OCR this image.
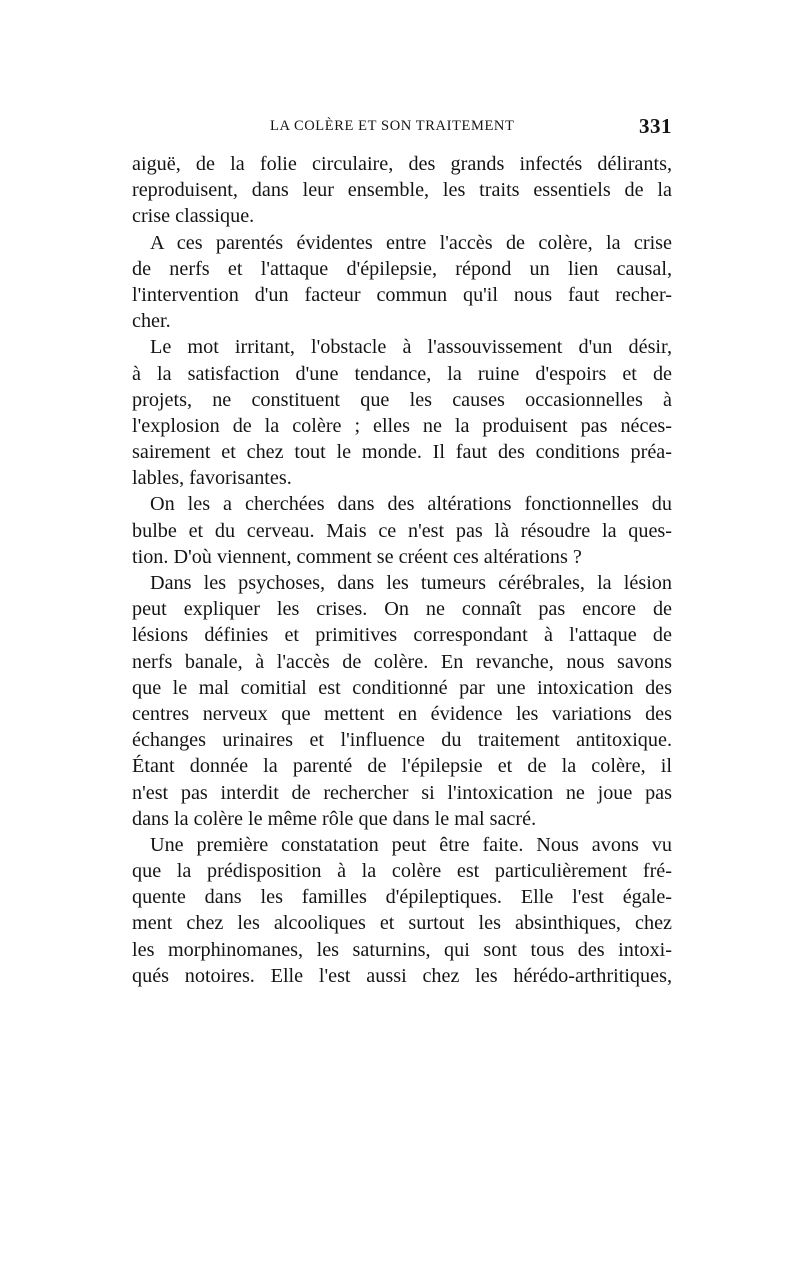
LA COLÈRE ET SON TRAITEMENT	331
aiguë, de la folie circulaire, des grands infectés délirants,
reproduisent, dans leur ensemble, les traits essentiels de la
crise classique.
A ces parentés évidentes entre l'accès de colère, la crise
de nerfs et l'attaque d'épilepsie, répond un lien causal,
l'intervention d'un facteur commun qu'il nous faut recher-
cher.
Le mot irritant, l'obstacle à l'assouvissement d'un désir,
à la satisfaction d'une tendance, la ruine d'espoirs et de
projets, ne constituent que les causes occasionnelles à
l'explosion de la colère ; elles ne la produisent pas néces-
sairement et chez tout le monde. Il faut des conditions préa-
lables, favorisantes.
On les a cherchées dans des altérations fonctionnelles du
bulbe et du cerveau. Mais ce n'est pas là résoudre la ques-
tion. D'où viennent, comment se créent ces altérations ?
Dans les psychoses, dans les tumeurs cérébrales, la lésion
peut expliquer les crises. On ne connaît pas encore de
lésions définies et primitives correspondant à l'attaque de
nerfs banale, à l'accès de colère. En revanche, nous savons
que le mal comitial est conditionné par une intoxication des
centres nerveux que mettent en évidence les variations des
échanges urinaires et l'influence du traitement antitoxique.
Étant donnée la parenté de l'épilepsie et de la colère, il
n'est pas interdit de rechercher si l'intoxication ne joue pas
dans la colère le même rôle que dans le mal sacré.
Une première constatation peut être faite. Nous avons vu
que la prédisposition à la colère est particulièrement fré-
quente dans les familles d'épileptiques. Elle l'est égale-
ment chez les alcooliques et surtout les absinthiques, chez
les morphinomanes, les saturnins, qui sont tous des intoxi-
qués notoires. Elle l'est aussi chez les hérédo-arthritiques,
